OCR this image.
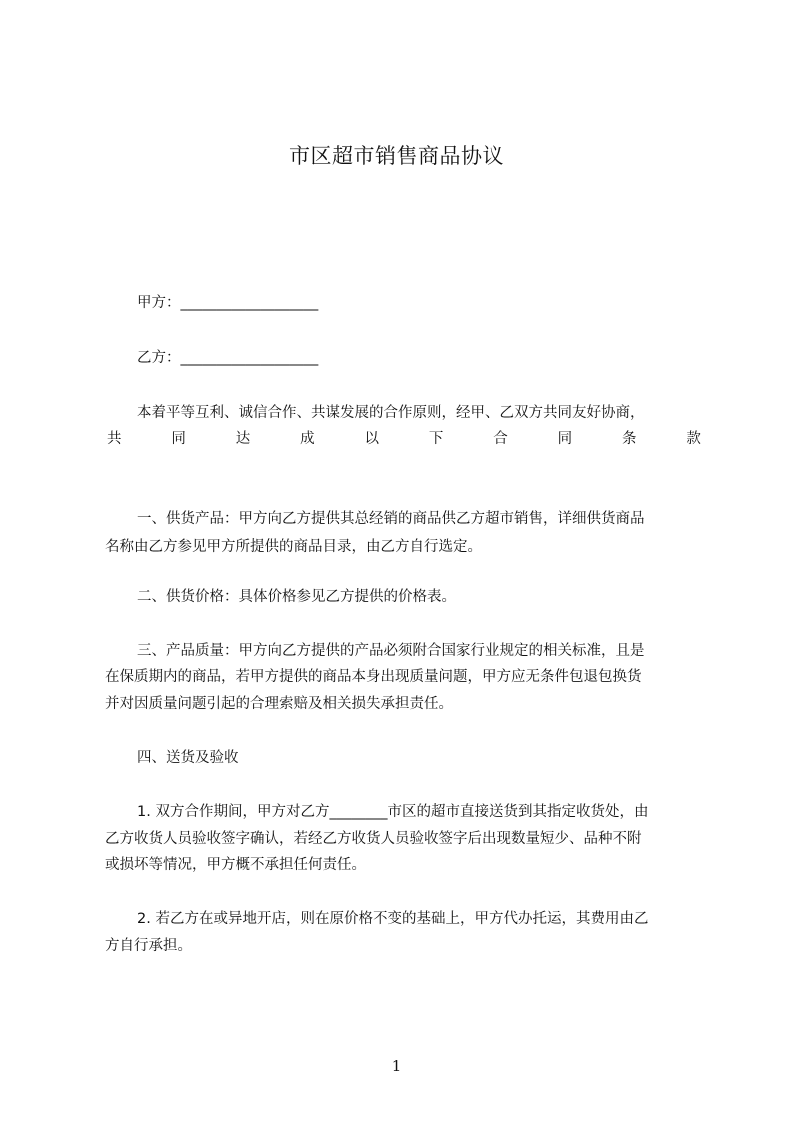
市区超市销售商品协议
甲方：___________________
乙方：___________________
本着平等互利、诚信合作、共谋发展的合作原则，经甲、乙双方共同友好协商，
共	同	达	成	以	下	合	同	条	款
一、供货产品：甲方向乙方提供其总经销的商品供乙方超市销售，详细供货商品
名称由乙方参见甲方所提供的商品目录，由乙方自行选定。
二、供货价格：具体价格参见乙方提供的价格表。
三、产品质量：甲方向乙方提供的产品必须附合国家行业规定的相关标准，且是
在保质期内的商品，若甲方提供的商品本身出现质量问题，甲方应无条件包退包换货
并对因质量问题引起的合理索赔及相关损失承担责任。
四、送货及验收
1. 双方合作期间，甲方对乙方________市区的超市直接送货到其指定收货处，由
乙方收货人员验收签字确认，若经乙方收货人员验收签字后出现数量短少、品种不附
或损坏等情况，甲方概不承担任何责任。
2. 若乙方在或异地开店，则在原价格不变的基础上，甲方代办托运，其费用由乙
方自行承担。
1
